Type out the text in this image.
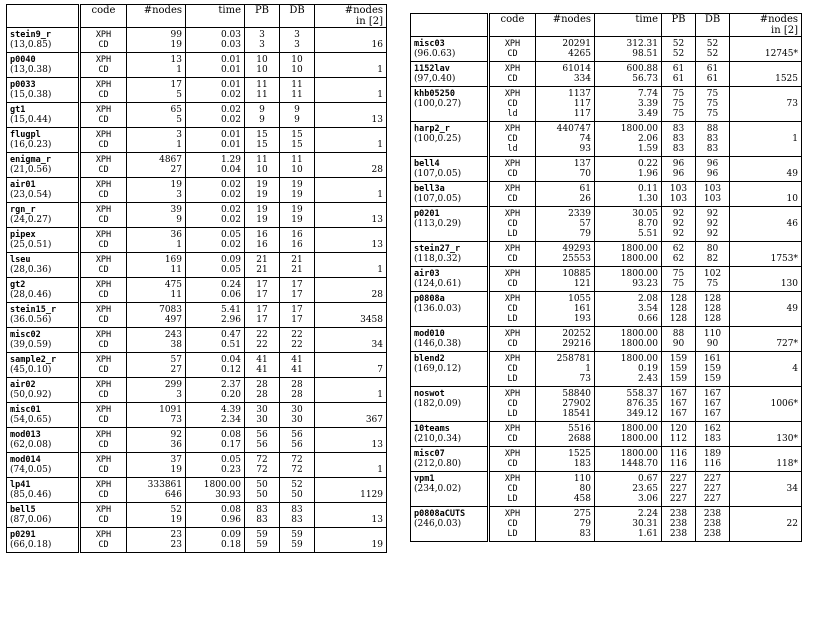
	code	#nodes	time	PB	DB	#nodes
in [2]
stein9_r	XPH	99	0.03	3	3	
(13,0.85)	CD	19	0.03	3	3	16
p0040	XPH	13	0.01	10	10	
(13,0.38)	CD	1	0.01	10	10	1
p0033	XPH	17	0.01	11	11	
(15,0.38)	CD	5	0.02	11	11	1
gt1	XPH	65	0.02	9	9	
(15,0.44)	CD	5	0.02	9	9	13
flugpl	XPH	3	0.01	15	15	
(16,0.23)	CD	1	0.01	15	15	1
enigma_r	XPH	4867	1.29	11	11	
(21,0.56)	CD	27	0.04	10	10	28
air01	XPH	19	0.02	19	19	
(23,0.54)	CD	3	0.02	19	19	1
rgn_r	XPH	39	0.02	19	19	
(24,0.27)	CD	9	0.02	19	19	13
pipex	XPH	36	0.05	16	16	
(25,0.51)	CD	1	0.02	16	16	13
lseu	XPH	169	0.09	21	21	
(28,0.36)	CD	11	0.05	21	21	1
gt2	XPH	475	0.24	17	17	
(28,0.46)	CD	11	0.06	17	17	28
stein15_r	XPH	7083	5.41	17	17	
(36.0.56)	CD	497	2.96	17	17	3458
misc02	XPH	243	0.47	22	22	
(39,0.59)	CD	38	0.51	22	22	34
sample2_r	XPH	57	0.04	41	41	
(45,0.10)	CD	27	0.12	41	41	7
air02	XPH	299	2.37	28	28	
(50,0.92)	CD	3	0.20	28	28	1
misc01	XPH	1091	4.39	30	30	
(54,0.65)	CD	73	2.34	30	30	367
mod013	XPH	92	0.08	56	56	
(62,0.08)	CD	36	0.17	56	56	13
mod014	XPH	37	0.05	72	72	
(74,0.05)	CD	19	0.23	72	72	1
lp41	XPH	333861	1800.00	50	52	
(85,0.46)	CD	646	30.93	50	50	1129
bell5	XPH	52	0.08	83	83	
(87,0.06)	CD	19	0.96	83	83	13
p0291	XPH	23	0.09	59	59	
(66,0.18)	CD	23	0.18	59	59	19
	code	#nodes	time	PB	DB	#nodes
in [2]
misc03	XPH	20291	312.31	52	52	
(96.0.63)	CD	4265	98.51	52	52	12745*
1152lav	XPH	61014	600.88	61	61	
(97,0.40)	CD	334	56.73	61	61	1525
khb05250	XPH	1137	7.74	75	75	
(100,0.27)	CD	117	3.39	75	75	73
	ld	117	3.49	75	75	
harp2_r	XPH	440747	1800.00	83	88	
(100,0.25)	CD	74	2.06	83	83	1
	ld	93	1.59	83	83	
bell4	XPH	137	0.22	96	96	
(107,0.05)	CD	70	1.96	96	96	49
bell3a	XPH	61	0.11	103	103	
(107,0.05)	CD	26	1.30	103	103	10
p0201	XPH	2339	30.05	92	92	
(113,0.29)	CD	57	8.70	92	92	46
	LD	79	5.51	92	92	
stein27_r	XPH	49293	1800.00	62	80	
(118,0.32)	CD	25553	1800.00	62	82	1753*
air03	XPH	10885	1800.00	75	102	
(124,0.61)	CD	121	93.23	75	75	130
p0808a	XPH	1055	2.08	128	128	
(136.0.03)	CD	161	3.54	128	128	49
	LD	193	0.66	128	128	
mod010	XPH	20252	1800.00	88	110	
(146,0.38)	CD	29216	1800.00	90	90	727*
blend2	XPH	258781	1800.00	159	161	
(169,0.12)	CD	1	0.19	159	159	4
	LD	73	2.43	159	159	
noswot	XPH	58840	558.37	167	167	
(182,0.09)	CD	27902	876.35	167	167	1006*
	LD	18541	349.12	167	167	
10teams	XPH	5516	1800.00	120	162	
(210,0.34)	CD	2688	1800.00	112	183	130*
misc07	XPH	1525	1800.00	116	189	
(212,0.80)	CD	183	1448.70	116	116	118*
vpm1	XPH	110	0.67	227	227	
(234,0.02)	CD	80	23.65	227	227	34
	LD	458	3.06	227	227	
p0808aCUTS	XPH	275	2.24	238	238	
(246,0.03)	CD	79	30.31	238	238	22
	LD	83	1.61	238	238	
